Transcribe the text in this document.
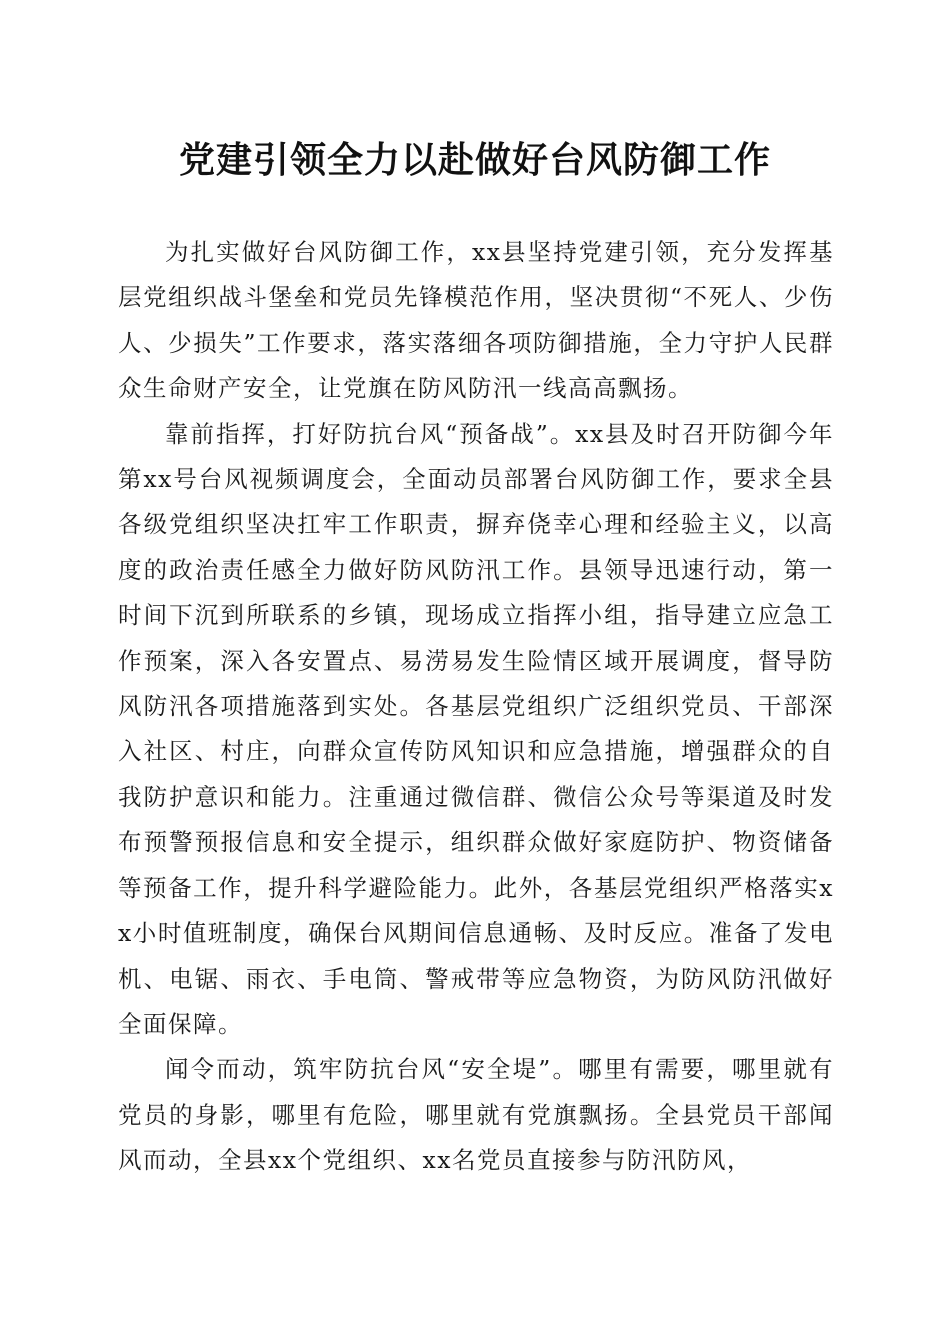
党建引领全力以赴做好台风防御工作

为扎实做好台风防御工作，xx县坚持党建引领，充分发挥基层党组织战斗堡垒和党员先锋模范作用，坚决贯彻“不死人、少伤人、少损失”工作要求，落实落细各项防御措施，全力守护人民群众生命财产安全，让党旗在防风防汛一线高高飘扬。

靠前指挥，打好防抗台风“预备战”。xx县及时召开防御今年第xx号台风视频调度会，全面动员部署台风防御工作，要求全县各级党组织坚决扛牢工作职责，摒弃侥幸心理和经验主义，以高度的政治责任感全力做好防风防汛工作。县领导迅速行动，第一时间下沉到所联系的乡镇，现场成立指挥小组，指导建立应急工作预案，深入各安置点、易涝易发生险情区域开展调度，督导防风防汛各项措施落到实处。各基层党组织广泛组织党员、干部深入社区、村庄，向群众宣传防风知识和应急措施，增强群众的自我防护意识和能力。注重通过微信群、微信公众号等渠道及时发布预警预报信息和安全提示，组织群众做好家庭防护、物资储备等预备工作，提升科学避险能力。此外，各基层党组织严格落实xx小时值班制度，确保台风期间信息通畅、及时反应。准备了发电机、电锯、雨衣、手电筒、警戒带等应急物资，为防风防汛做好全面保障。

闻令而动，筑牢防抗台风“安全堤”。哪里有需要，哪里就有党员的身影，哪里有危险，哪里就有党旗飘扬。全县党员干部闻风而动，全县xx个党组织、xx名党员直接参与防汛防风，
